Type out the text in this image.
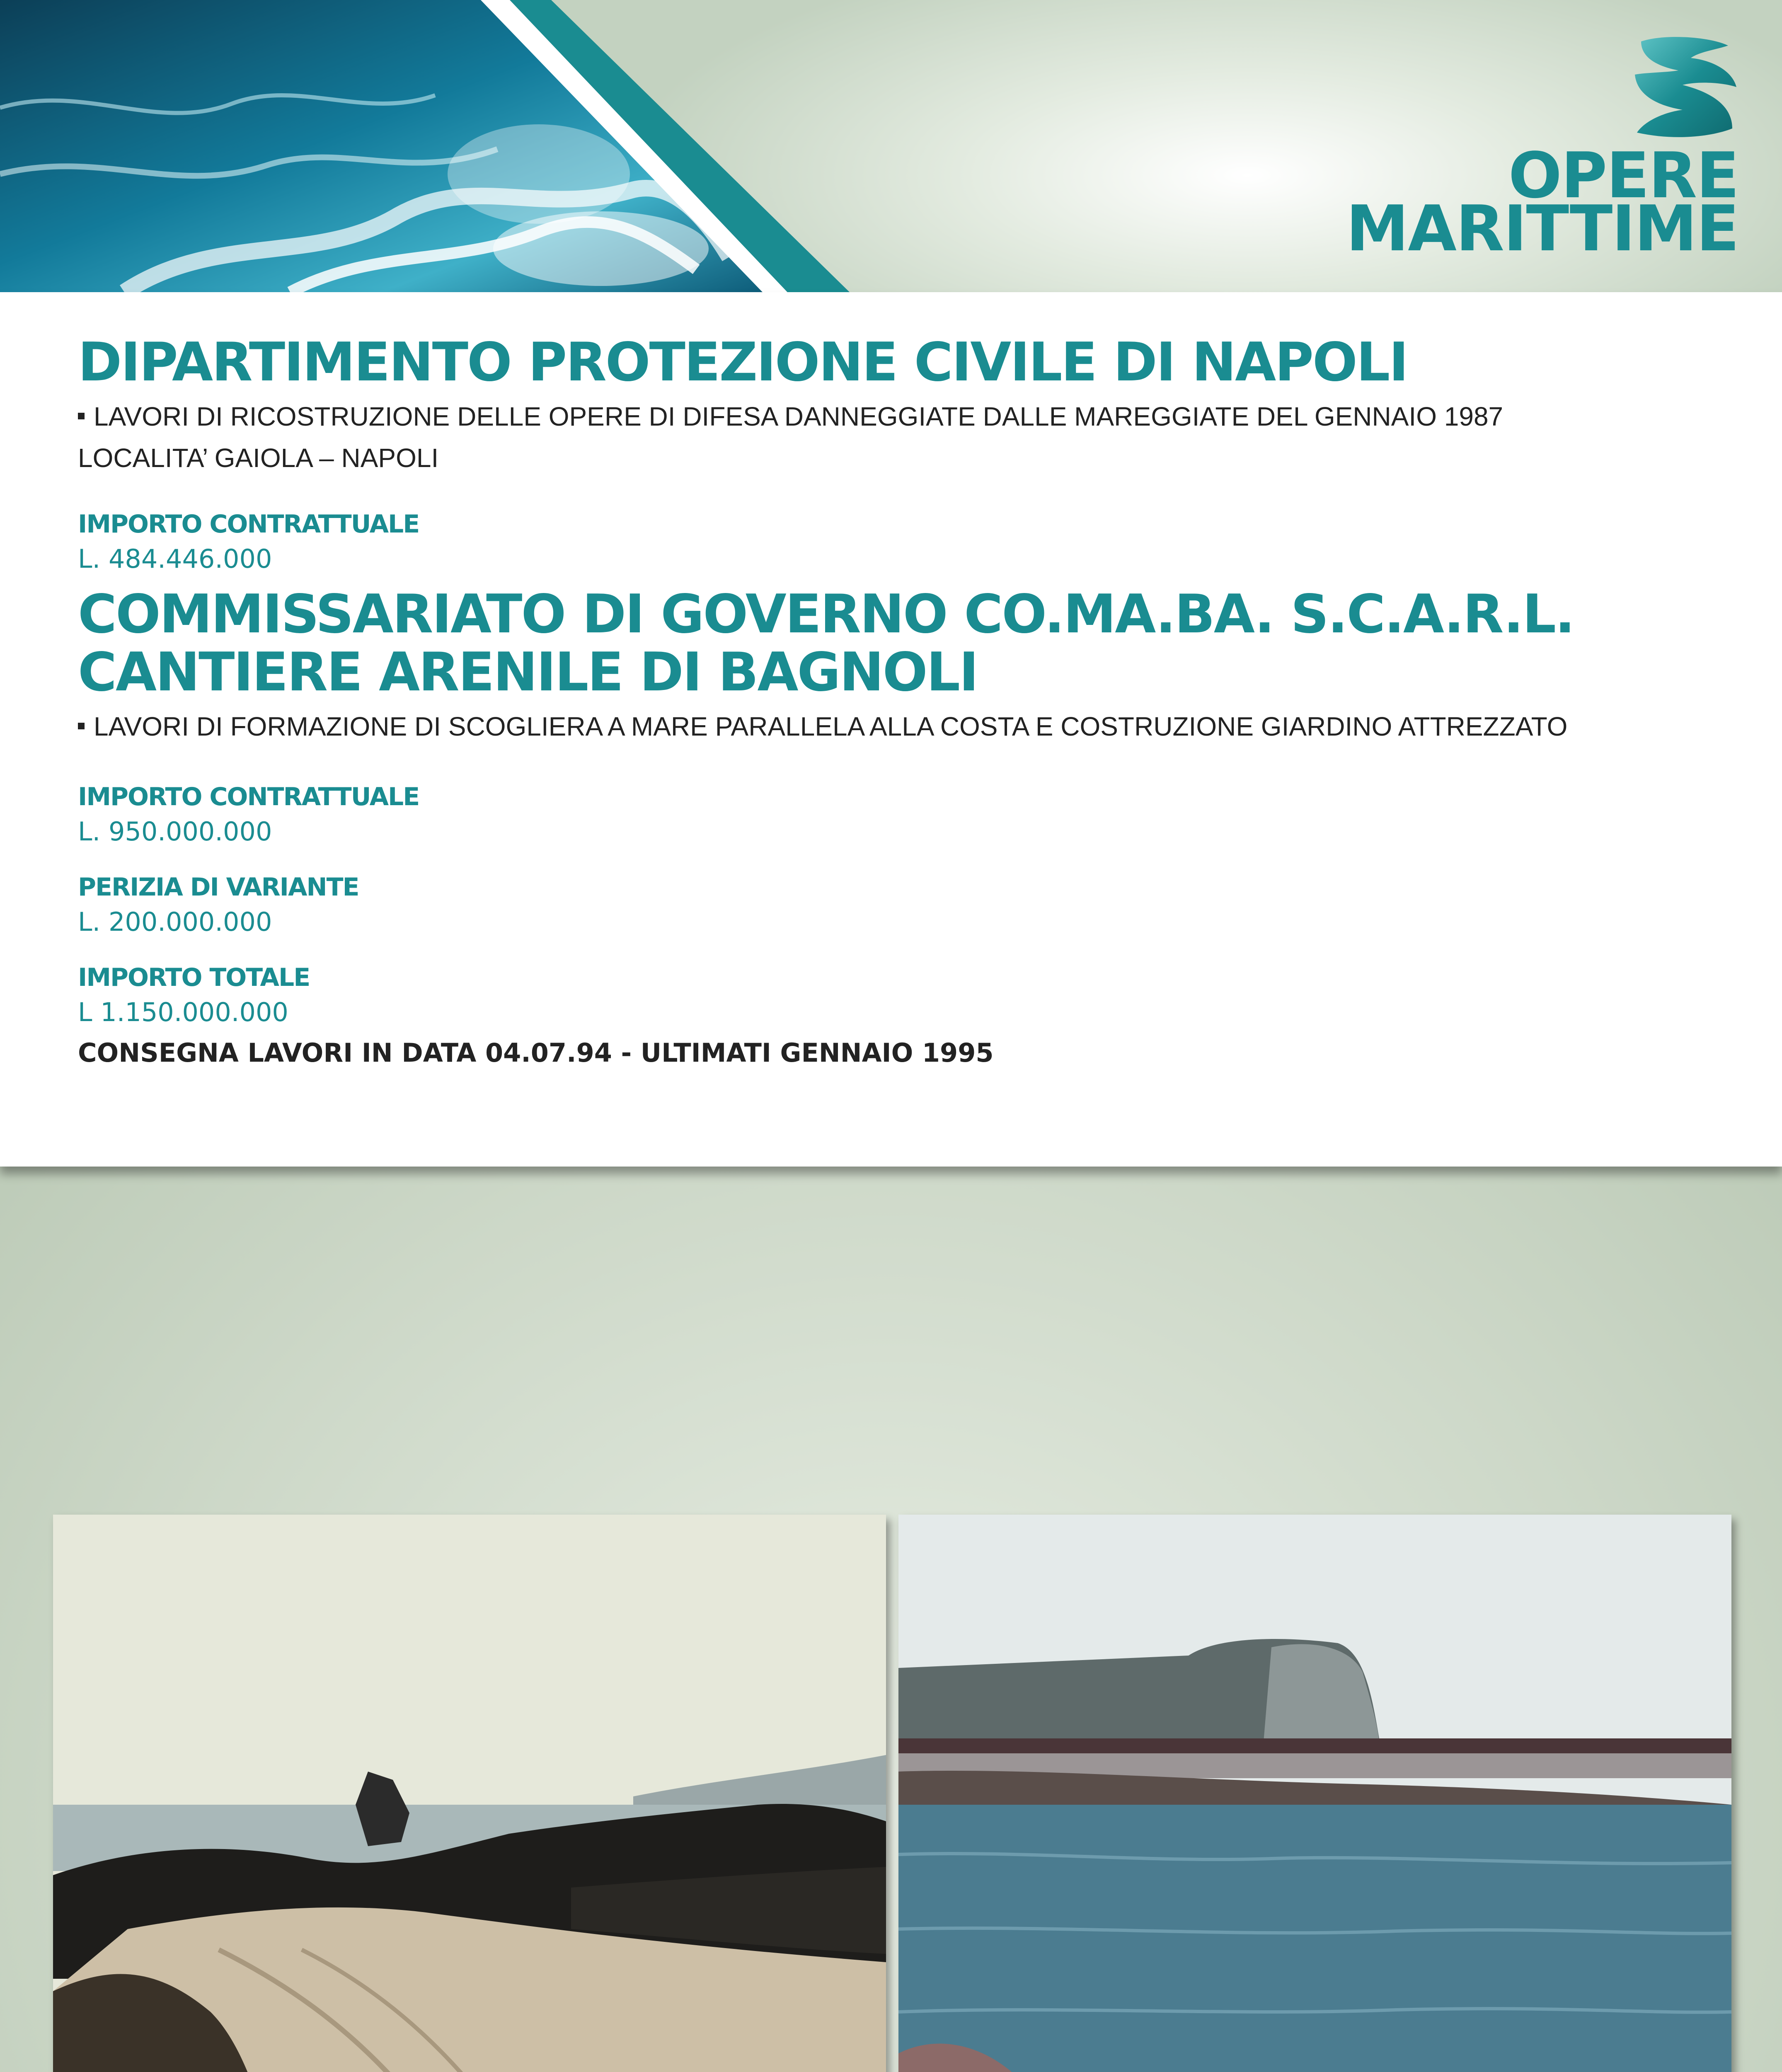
OPERE
MARITTIME

DIPARTIMENTO PROTEZIONE CIVILE DI NAPOLI

LAVORI DI RICOSTRUZIONE DELLE OPERE DI DIFESA DANNEGGIATE DALLE MAREGGIATE DEL GENNAIO 1987

LOCALITA’ GAIOLA – NAPOLI

IMPORTO CONTRATTUALE

L. 484.446.000

COMMISSARIATO DI GOVERNO CO.MA.BA. S.C.A.R.L.

CANTIERE ARENILE DI BAGNOLI

LAVORI DI FORMAZIONE DI SCOGLIERA A MARE PARALLELA ALLA COSTA E COSTRUZIONE GIARDINO ATTREZZATO

IMPORTO CONTRATTUALE

L. 950.000.000

PERIZIA DI VARIANTE

L. 200.000.000

IMPORTO TOTALE

L 1.150.000.000

CONSEGNA LAVORI IN DATA 04.07.94 - ULTIMATI GENNAIO 1995
